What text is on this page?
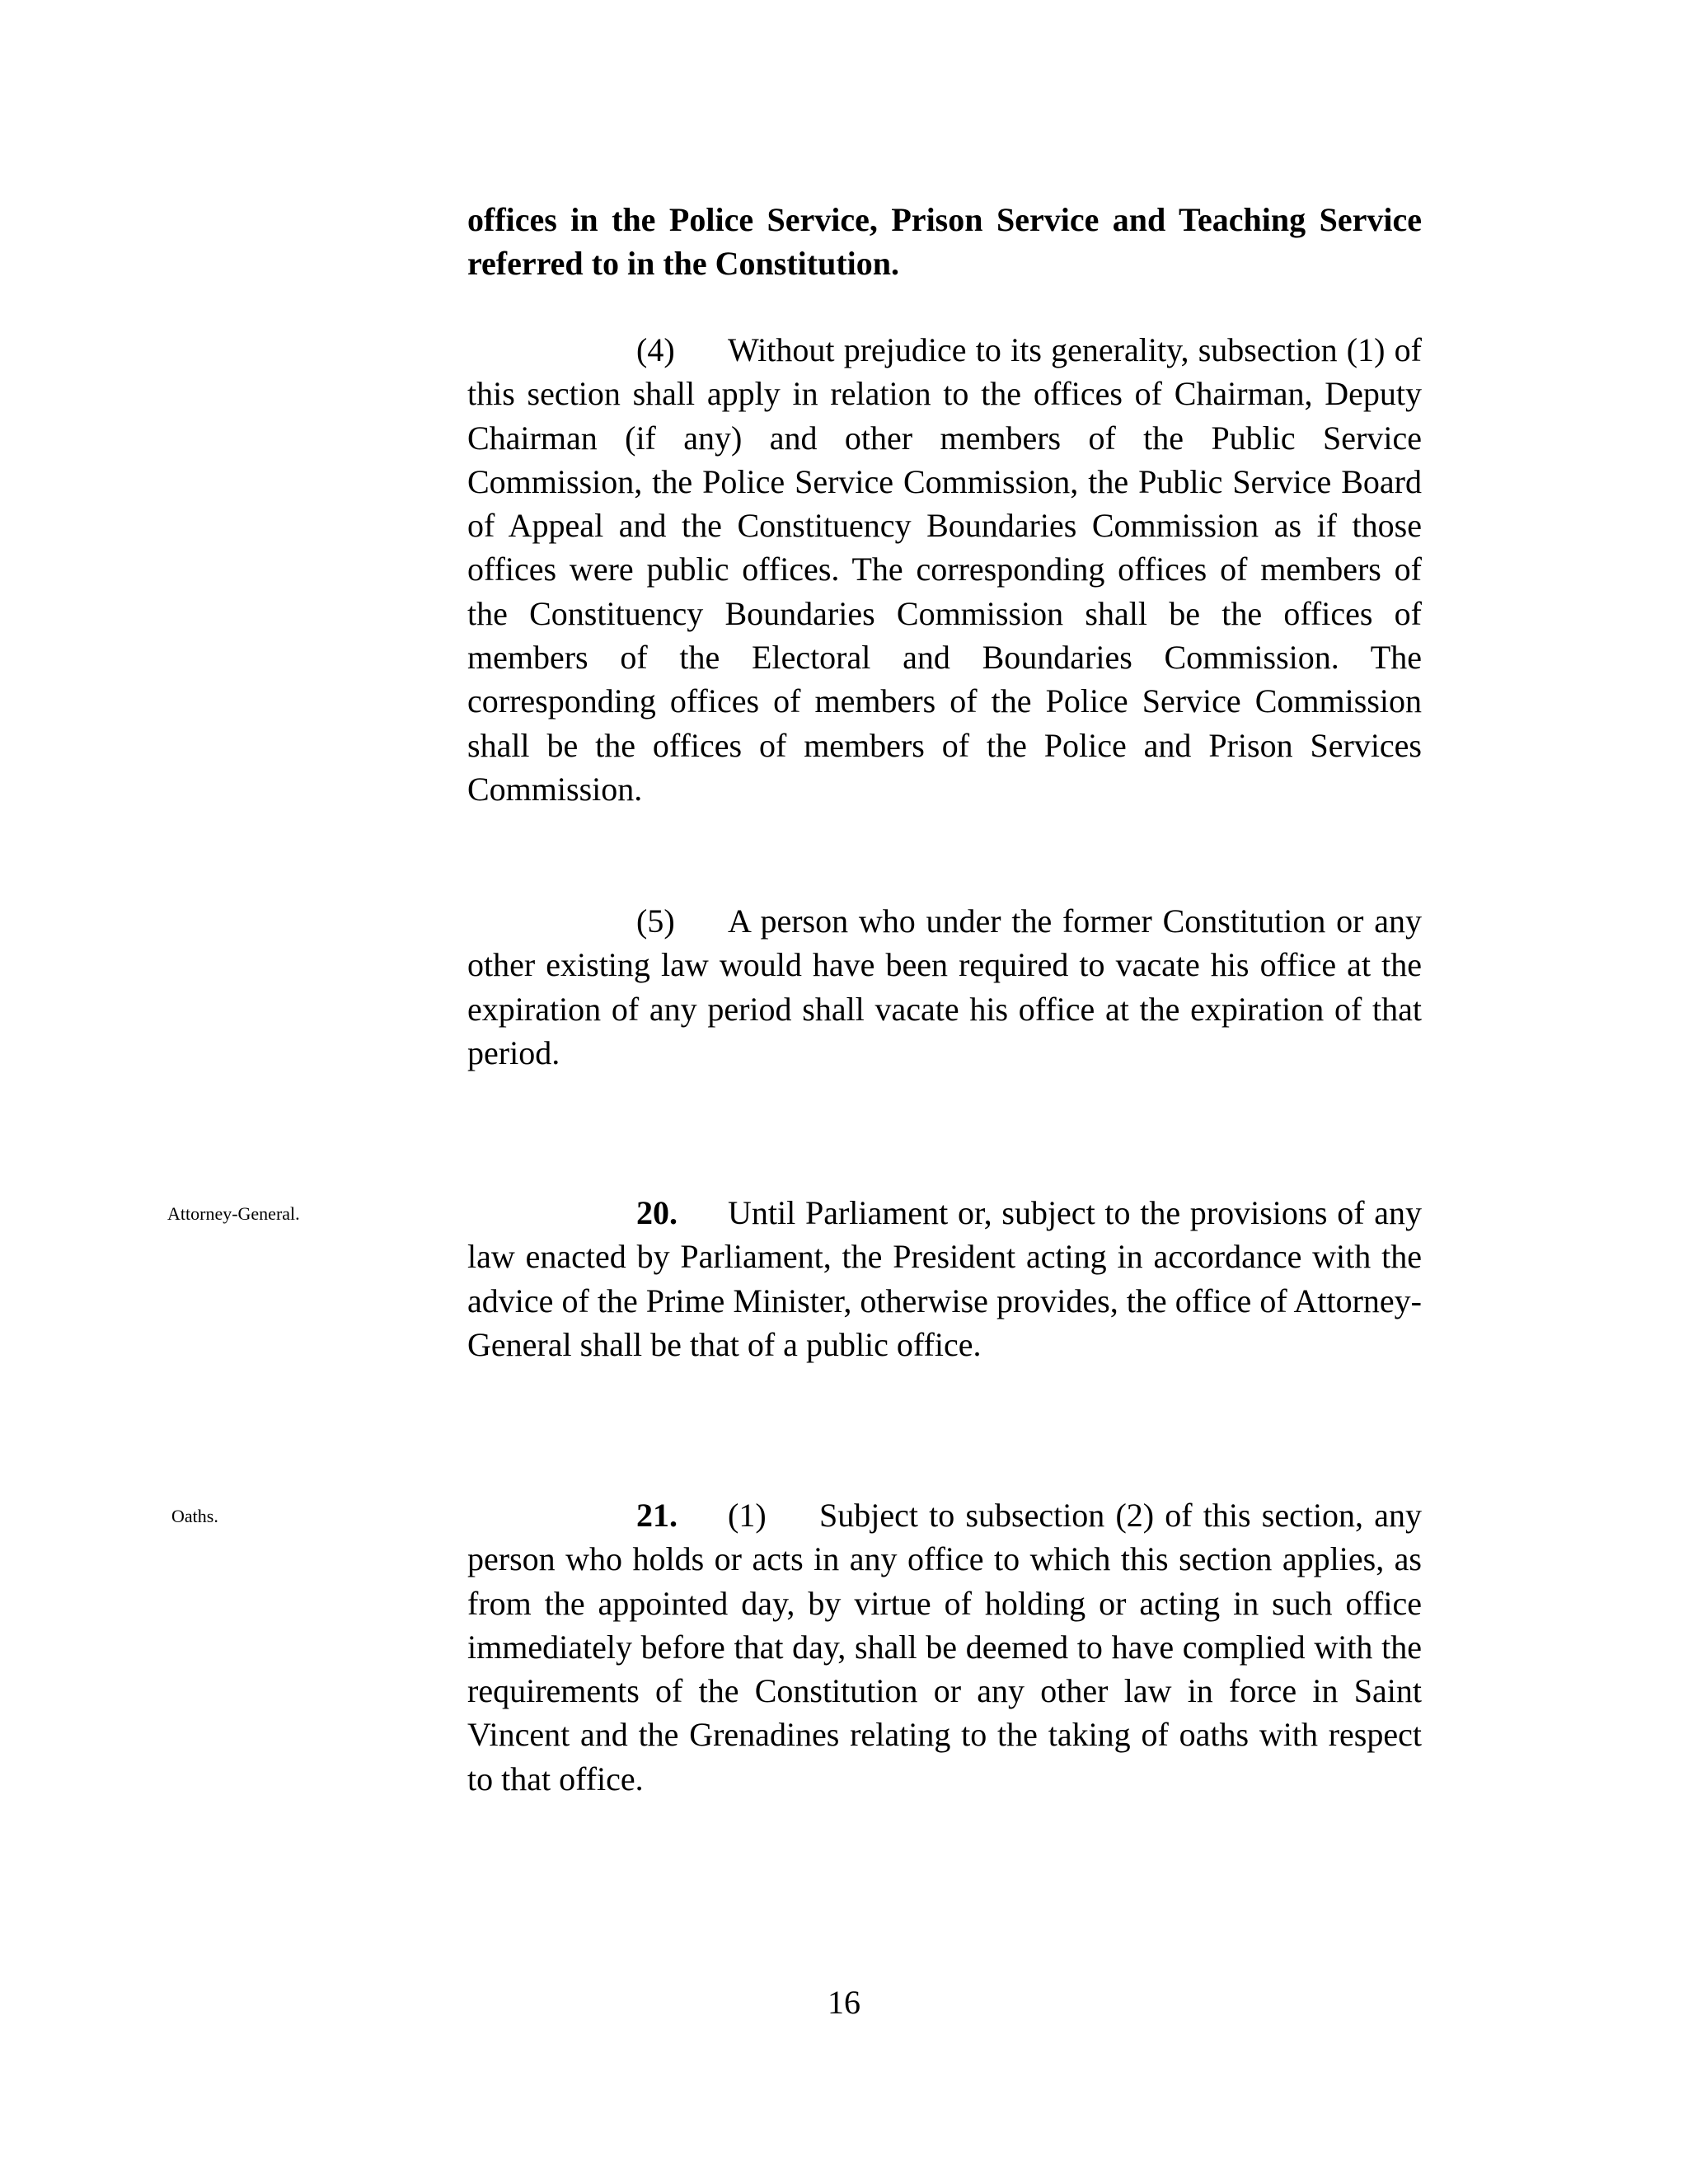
offices in the Police Service, Prison Service and Teaching Service referred to in the Constitution.
(4) Without prejudice to its generality, subsection (1) of this section shall apply in relation to the offices of Chairman, Deputy Chairman (if any) and other members of the Public Service Commission, the Police Service Commission, the Public Service Board of Appeal and the Constituency Boundaries Commission as if those offices were public offices. The corresponding offices of members of the Constituency Boundaries Commission shall be the offices of members of the Electoral and Boundaries Commission. The corresponding offices of members of the Police Service Commission shall be the offices of members of the Police and Prison Services Commission.
(5) A person who under the former Constitution or any other existing law would have been required to vacate his office at the expiration of any period shall vacate his office at the expiration of that period.
Attorney-General.	20. Until Parliament or, subject to the provisions of any law enacted by Parliament, the President acting in accordance with the advice of the Prime Minister, otherwise provides, the office of Attorney-General shall be that of a public office.
Oaths.	21. (1) Subject to subsection (2) of this section, any person who holds or acts in any office to which this section applies, as from the appointed day, by virtue of holding or acting in such office immediately before that day, shall be deemed to have complied with the requirements of the Constitution or any other law in force in Saint Vincent and the Grenadines relating to the taking of oaths with respect to that office.
16
